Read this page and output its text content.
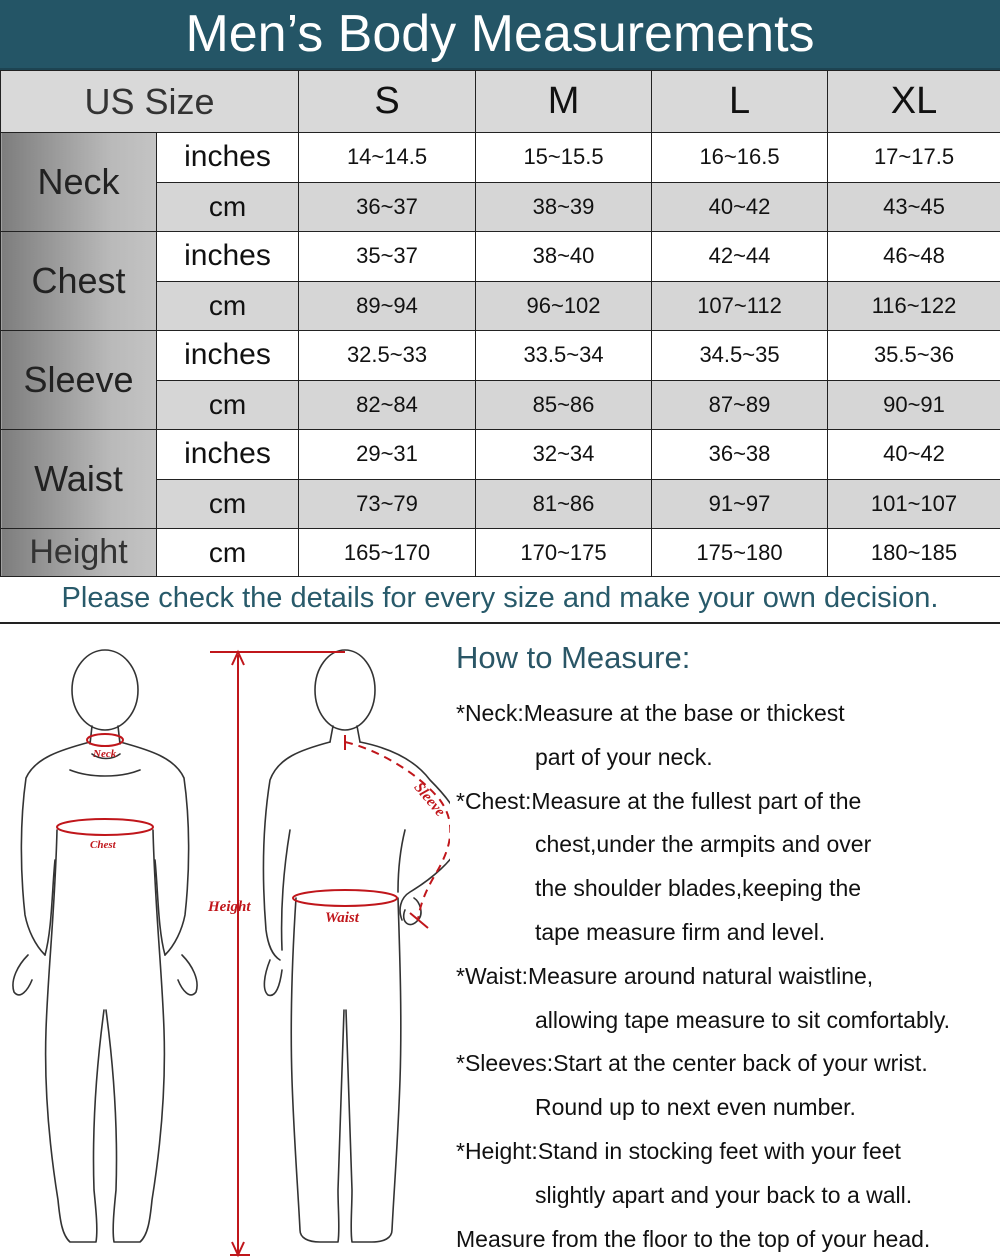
Men’s Body Measurements
US Size		S	M	L	XL
Neck	inches	14~14.5	15~15.5	16~16.5	17~17.5
	cm	36~37	38~39	40~42	43~45
Chest	inches	35~37	38~40	42~44	46~48
	cm	89~94	96~102	107~112	116~122
Sleeve	inches	32.5~33	33.5~34	34.5~35	35.5~36
	cm	82~84	85~86	87~89	90~91
Waist	inches	29~31	32~34	36~38	40~42
	cm	73~79	81~86	91~97	101~107
Height	cm	165~170	170~175	175~180	180~185
Please check the details for every size and make your own decision.
Neck
Chest
Height
Waist
Sleeve
How to Measure:
*Neck:Measure at the base or thickest
part of your neck.
*Chest:Measure at the fullest part of the
chest,under the armpits and over
the shoulder blades,keeping the
tape measure firm and level.
*Waist:Measure around natural waistline,
allowing tape measure to sit comfortably.
*Sleeves:Start at the center back of your wrist.
Round up to next even number.
*Height:Stand in stocking feet with your feet
slightly apart and your back to a wall.
Measure from the floor to the top of your head.
